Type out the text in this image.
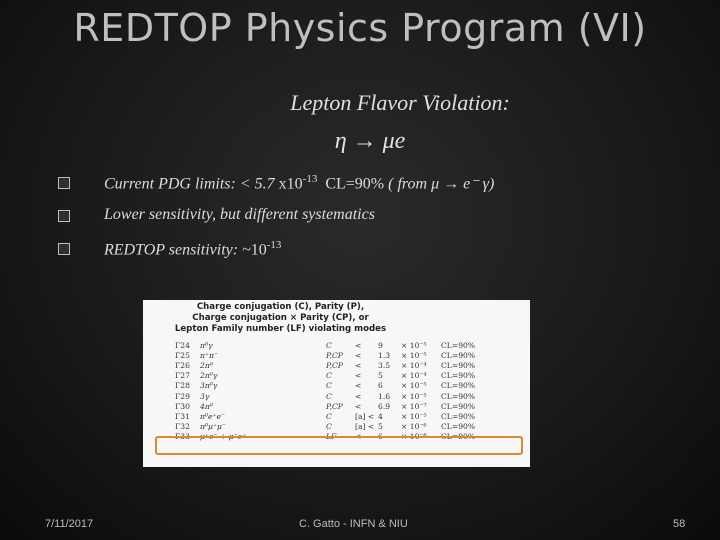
REDTOP Physics Program (VI)
Lepton Flavor Violation:
η → μe
Current PDG limits: < 5.7 $x10^{-13}$ CL=90% ( from μ → e⁻ γ)
Lower sensitivity, but different systematics
REDTOP sensitivity: $\sim 10^{-13}$
Charge conjugation (C), Parity (P),
Charge conjugation × Parity (CP), or
Lepton Family number (LF) violating modes
Γ24 π⁰γ	C	< 9 × 10⁻⁵ CL=90%
Γ25 π⁺π⁻	P,CP < 1.3 × 10⁻⁵ CL=90%
Γ26 2π⁰	P,CP < 3.5 × 10⁻⁴ CL=90%
Γ27 2π⁰γ	C	< 5 × 10⁻⁴ CL=90%
Γ28 3π⁰γ	C	< 6 × 10⁻⁵ CL=90%
Γ29 3γ	C	< 1.6 × 10⁻⁵ CL=90%
Γ30 4π⁰	P,CP < 6.9 × 10⁻⁷ CL=90%
Γ31 π⁰e⁺e⁻	C	[a] < 4 × 10⁻⁵ CL=90%
Γ32 π⁰μ⁺μ⁻	C	[a] < 5 × 10⁻⁶ CL=90%
Γ33 μ⁺e⁻ + μ⁻e⁺	LF < 6 × 10⁻⁶ CL=90%
7/11/2017	C. Gatto - INFN & NIU	58
